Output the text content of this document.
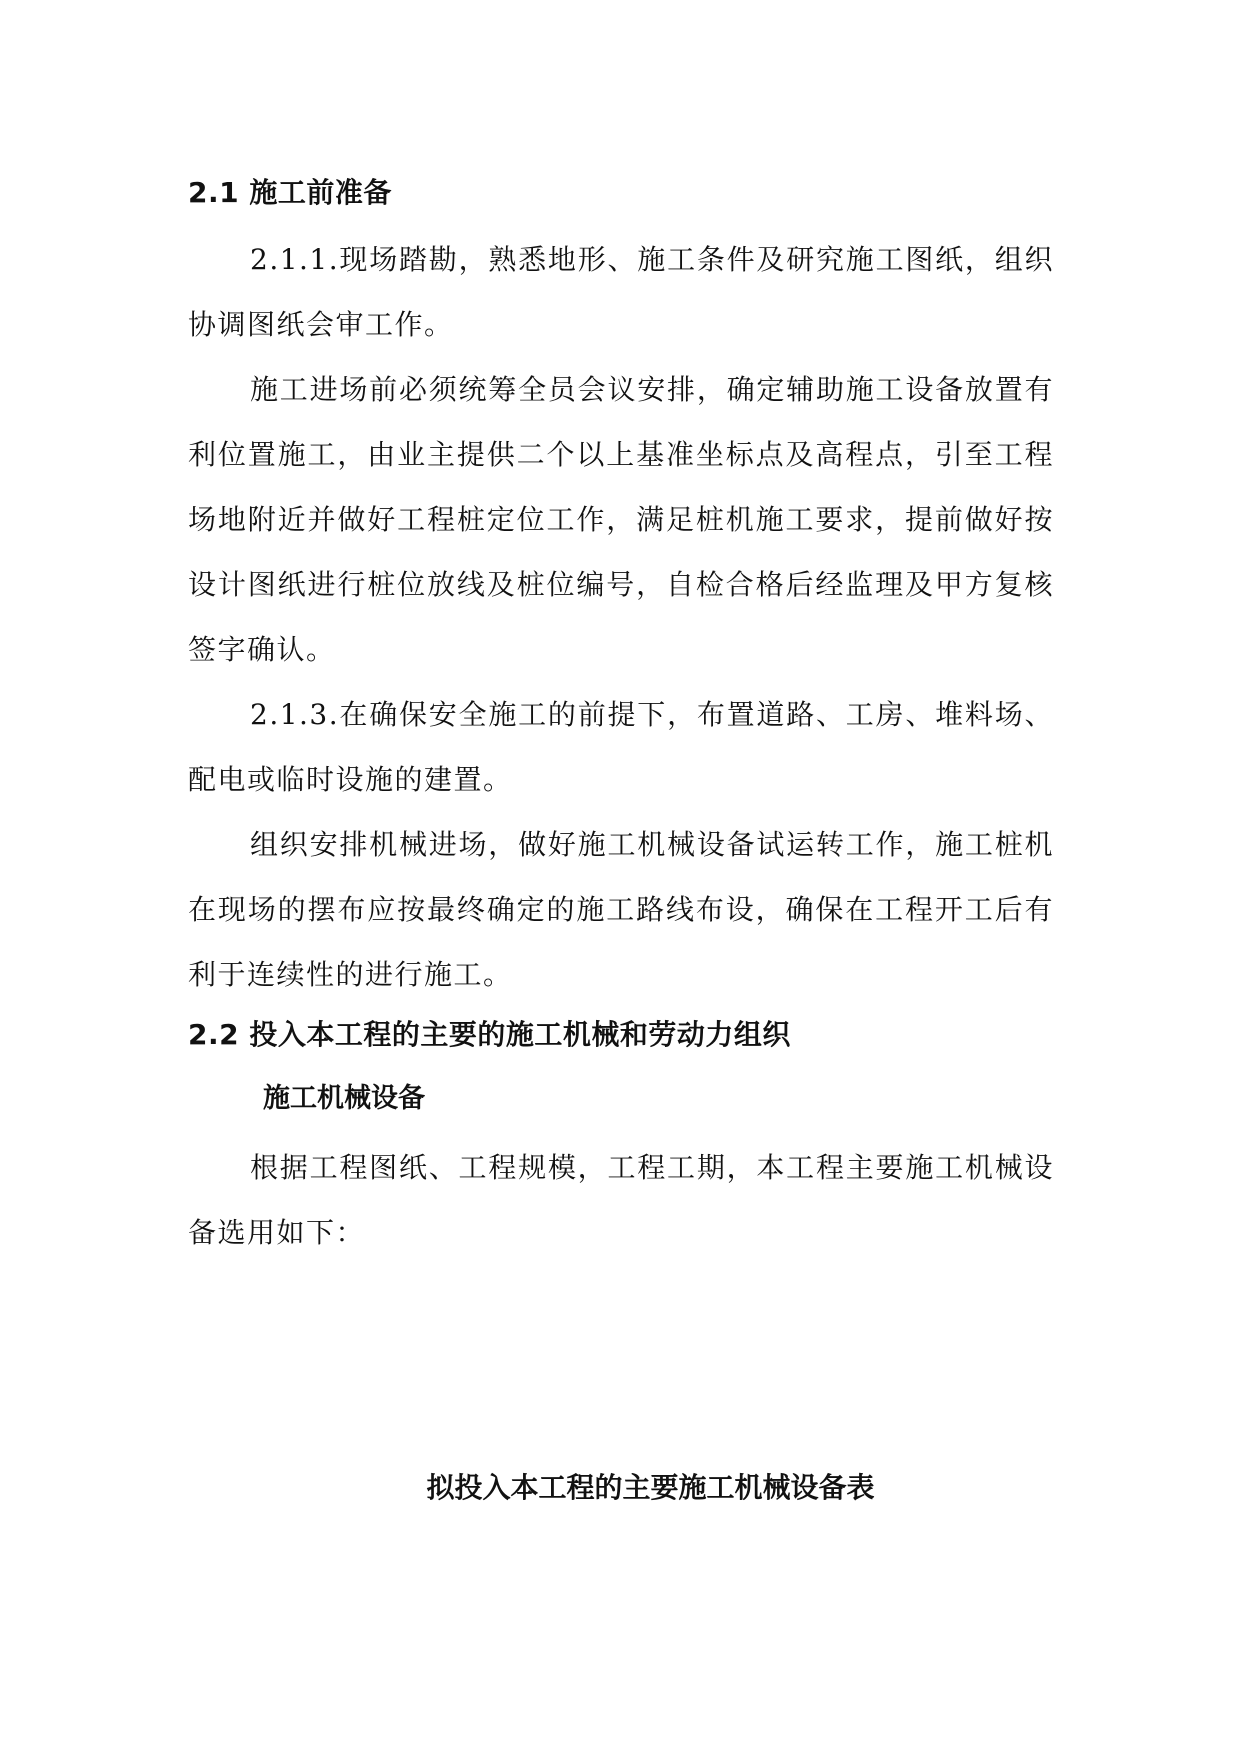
2.1 施工前准备

2.1.1.现场踏勘，熟悉地形、施工条件及研究施工图纸，组织协调图纸会审工作。

施工进场前必须统筹全员会议安排，确定辅助施工设备放置有利位置施工，由业主提供二个以上基准坐标点及高程点，引至工程场地附近并做好工程桩定位工作，满足桩机施工要求，提前做好按设计图纸进行桩位放线及桩位编号，自检合格后经监理及甲方复核签字确认。

2.1.3.在确保安全施工的前提下，布置道路、工房、堆料场、配电或临时设施的建置。

组织安排机械进场，做好施工机械设备试运转工作，施工桩机在现场的摆布应按最终确定的施工路线布设，确保在工程开工后有利于连续性的进行施工。

2.2 投入本工程的主要的施工机械和劳动力组织
施工机械设备

根据工程图纸、工程规模，工程工期，本工程主要施工机械设备选用如下：

拟投入本工程的主要施工机械设备表
